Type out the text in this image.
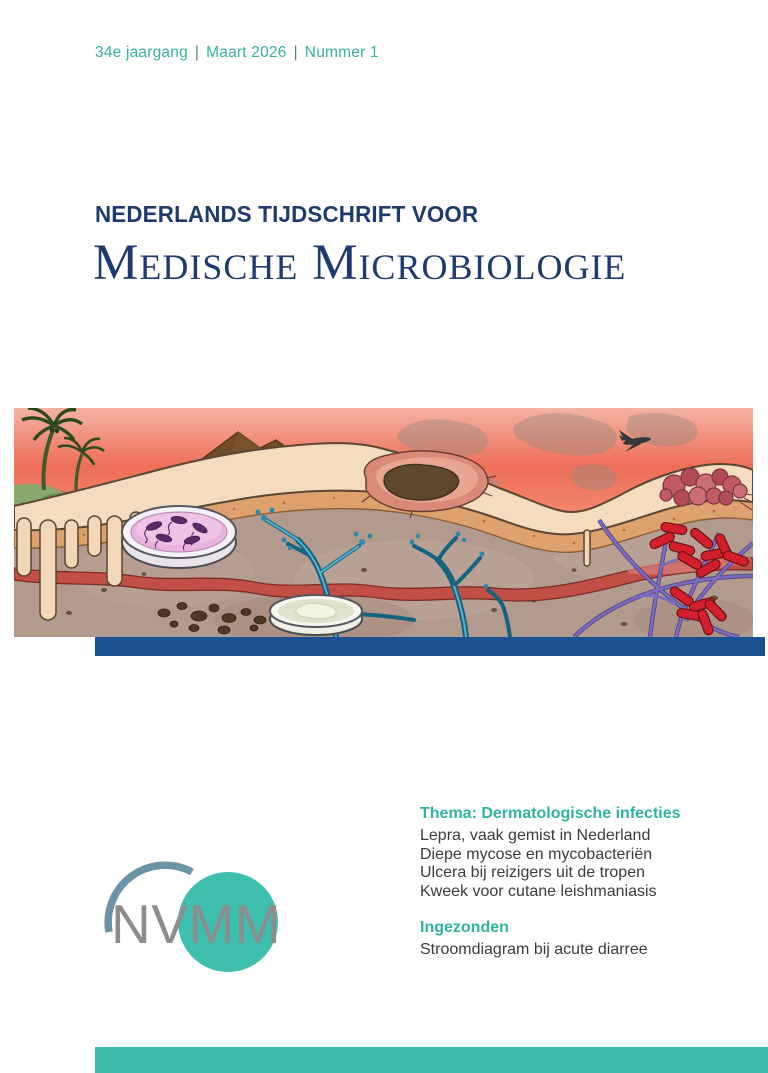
34e jaargang | Maart 2026 | Nummer 1
NEDERLANDS TIJDSCHRIFT VOOR
Medische Microbiologie
Thema: Dermatologische infecties
Lepra, vaak gemist in Nederland
Diepe mycose en mycobacteriën
Ulcera bij reizigers uit de tropen
Kweek voor cutane leishmaniasis
Ingezonden
Stroomdiagram bij acute diarree
NVMM
